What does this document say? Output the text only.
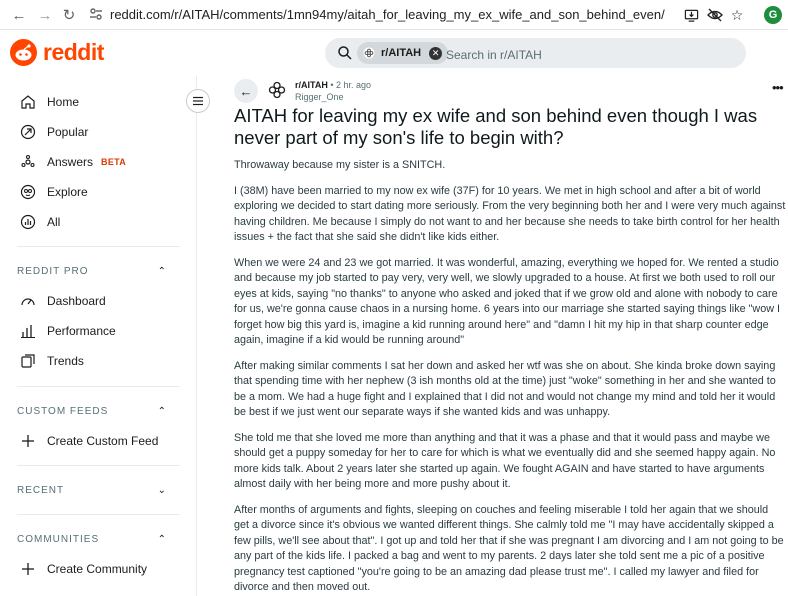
← → ↻	reddit.com/r/AITAH/comments/1mn94my/aitah_for_leaving_my_ex_wife_and_son_behind_even/	☆	G
reddit	r/AITAH	✕ Search in r/AITAH
Home
Popular
Answers BETA
Explore
All
REDDIT PRO	⌃
Dashboard
Performance
Trends
CUSTOM FEEDS	⌃
Create Custom Feed
RECENT	⌄
COMMUNITIES	⌃
Create Community
←	r/AITAH • 2 hr. ago
Rigger_One
•••
AITAH for leaving my ex wife and son behind even though I was never part of my son's life to begin with?

Throwaway because my sister is a SNITCH.

I (38M) have been married to my now ex wife (37F) for 10 years. We met in high school and after a bit of world exploring we decided to start dating more seriously. From the very beginning both her and I were very much against having children. Me because I simply do not want to and her because she needs to take birth control for her health issues + the fact that she said she didn't like kids either.

When we were 24 and 23 we got married. It was wonderful, amazing, everything we hoped for. We rented a studio and because my job started to pay very, very well, we slowly upgraded to a house. At first we both used to roll our eyes at kids, saying "no thanks" to anyone who asked and joked that if we grow old and alone with nobody to care for us, we're gonna cause chaos in a nursing home. 6 years into our marriage she started saying things like "wow I forget how big this yard is, imagine a kid running around here" and "damn I hit my hip in that sharp counter edge again, imagine if a kid would be running around"

After making similar comments I sat her down and asked her wtf was she on about. She kinda broke down saying that spending time with her nephew (3 ish months old at the time) just "woke" something in her and she wanted to be a mom. We had a huge fight and I explained that I did not and would not change my mind and told her it would be best if we just went our separate ways if she wanted kids and was unhappy.

She told me that she loved me more than anything and that it was a phase and that it would pass and maybe we should get a puppy someday for her to care for which is what we eventually did and she seemed happy again. No more kids talk. About 2 years later she started up again. We fought AGAIN and have started to have arguments almost daily with her being more and more pushy about it.

After months of arguments and fights, sleeping on couches and feeling miserable I told her again that we should get a divorce since it's obvious we wanted different things. She calmly told me "I may have accidentally skipped a few pills, we'll see about that". I got up and told her that if she was pregnant I am divorcing and I am not going to be any part of the kids life. I packed a bag and went to my parents. 2 days later she told sent me a pic of a positive pregnancy test captioned "you're going to be an amazing dad please trust me". I called my lawyer and filed for divorce and then moved out.
